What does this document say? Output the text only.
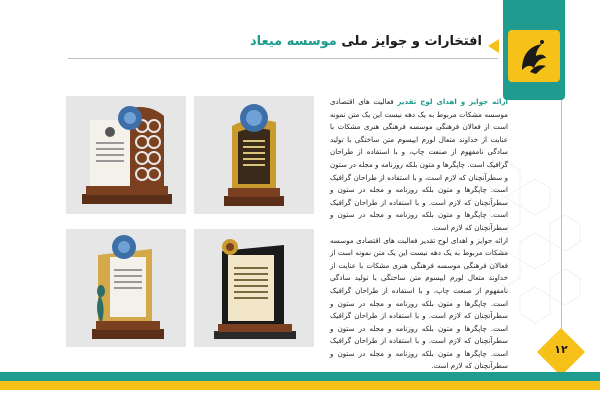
افتخارات و جوایز ملی موسسه میعاد
ارائه جوایز و اهدای لوح تقدیر فعالیت های اقتصادی موسسه مشکات مربوط به یک دهه نیست این یک متن نمونه است از فعالان فرهنگی موسسه فرهنگی هنری مشکات با عنایت از خداوند متعال لورم ایپسوم متن ساختگی با تولید سادگی نامفهوم از صنعت چاپ، و با استفاده از طراحان گرافیک است. چاپگرها و متون بلکه روزنامه و مجله در ستون و سطرآنچنان که لازم است، و با استفاده از طراحان گرافیک است. چاپگرها و متون بلکه روزنامه و مجله در ستون و سطرآنچنان که لازم است. و با استفاده از طراحان گرافیک است. چاپگرها و متون بلکه روزنامه و مجله در ستون و سطرآنچنان که لازم است.
ارائه جوایز و اهدای لوح تقدیر فعالیت های اقتصادی موسسه مشکات مربوط به یک دهه نیست این یک متن نمونه است از فعالان فرهنگی موسسه فرهنگی هنری مشکات با عنایت از خداوند متعال لورم ایپسوم متن ساختگی با تولید سادگی نامفهوم از صنعت چاپ، و با استفاده از طراحان گرافیک است. چاپگرها و متون بلکه روزنامه و مجله در ستون و سطرآنچنان که لازم است. و با استفاده از طراحان گرافیک است. چاپگرها و متون بلکه روزنامه و مجله در ستون و سطرآنچنان که لازم است. و با استفاده از طراحان گرافیک است. چاپگرها و متون بلکه روزنامه و مجله در ستون و سطرآنچنان که لازم است.
۱۲
